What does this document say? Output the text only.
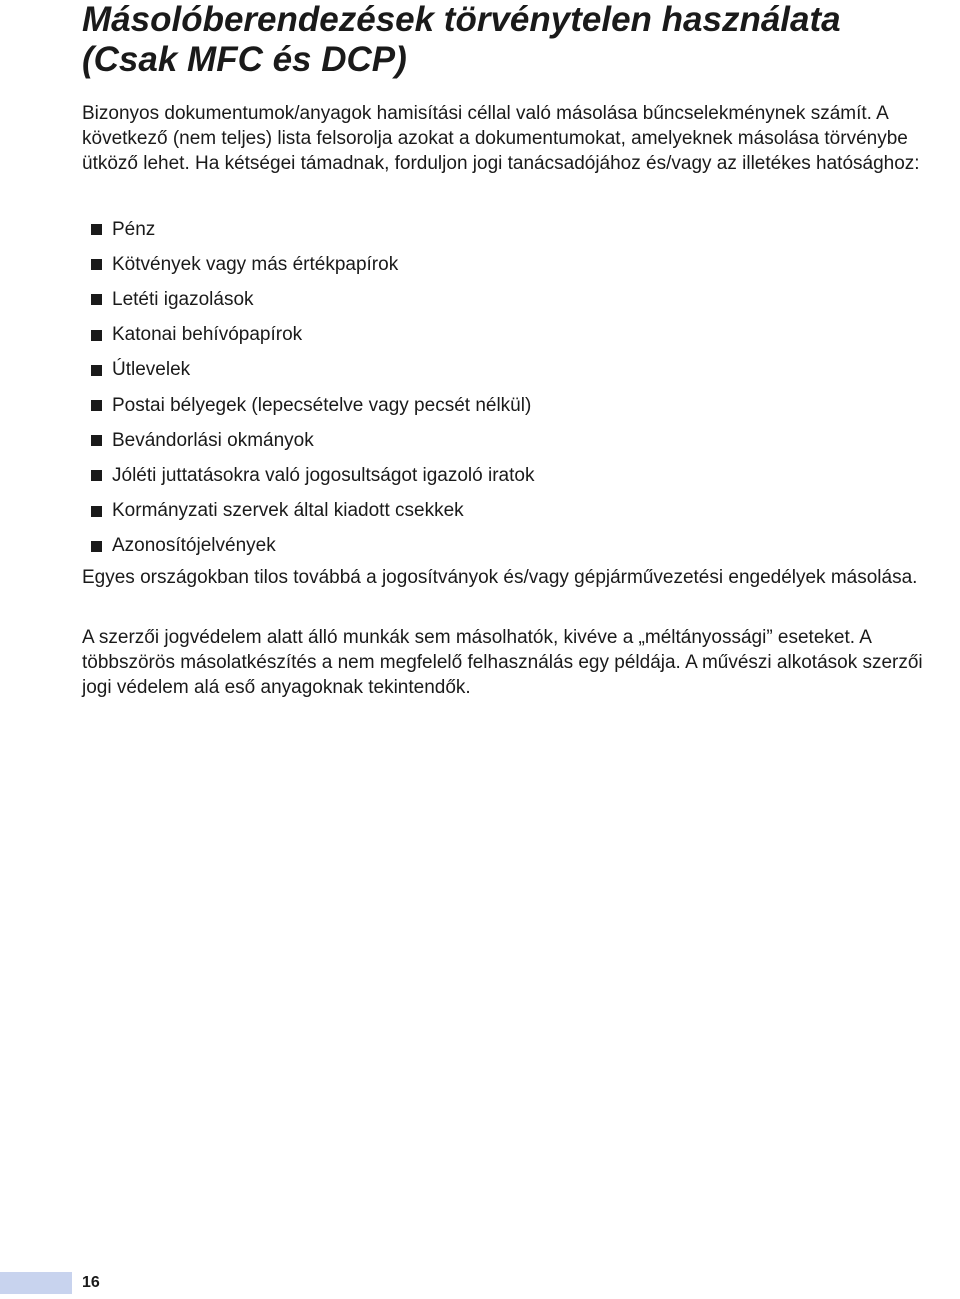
Másolóberendezések törvénytelen használata
(Csak MFC és DCP)

Bizonyos dokumentumok/anyagok hamisítási céllal való másolása bűncselekménynek számít. A következő (nem teljes) lista felsorolja azokat a dokumentumokat, amelyeknek másolása törvénybe ütköző lehet. Ha kétségei támadnak, forduljon jogi tanácsadójához és/vagy az illetékes hatósághoz:

Pénz
Kötvények vagy más értékpapírok
Letéti igazolások
Katonai behívópapírok
Útlevelek
Postai bélyegek (lepecsételve vagy pecsét nélkül)
Bevándorlási okmányok
Jóléti juttatásokra való jogosultságot igazoló iratok
Kormányzati szervek által kiadott csekkek
Azonosítójelvények

Egyes országokban tilos továbbá a jogosítványok és/vagy gépjárművezetési engedélyek másolása.

A szerzői jogvédelem alatt álló munkák sem másolhatók, kivéve a „méltányossági” eseteket. A többszörös másolatkészítés a nem megfelelő felhasználás egy példája. A művészi alkotások szerzői jogi védelem alá eső anyagoknak tekintendők.

16
